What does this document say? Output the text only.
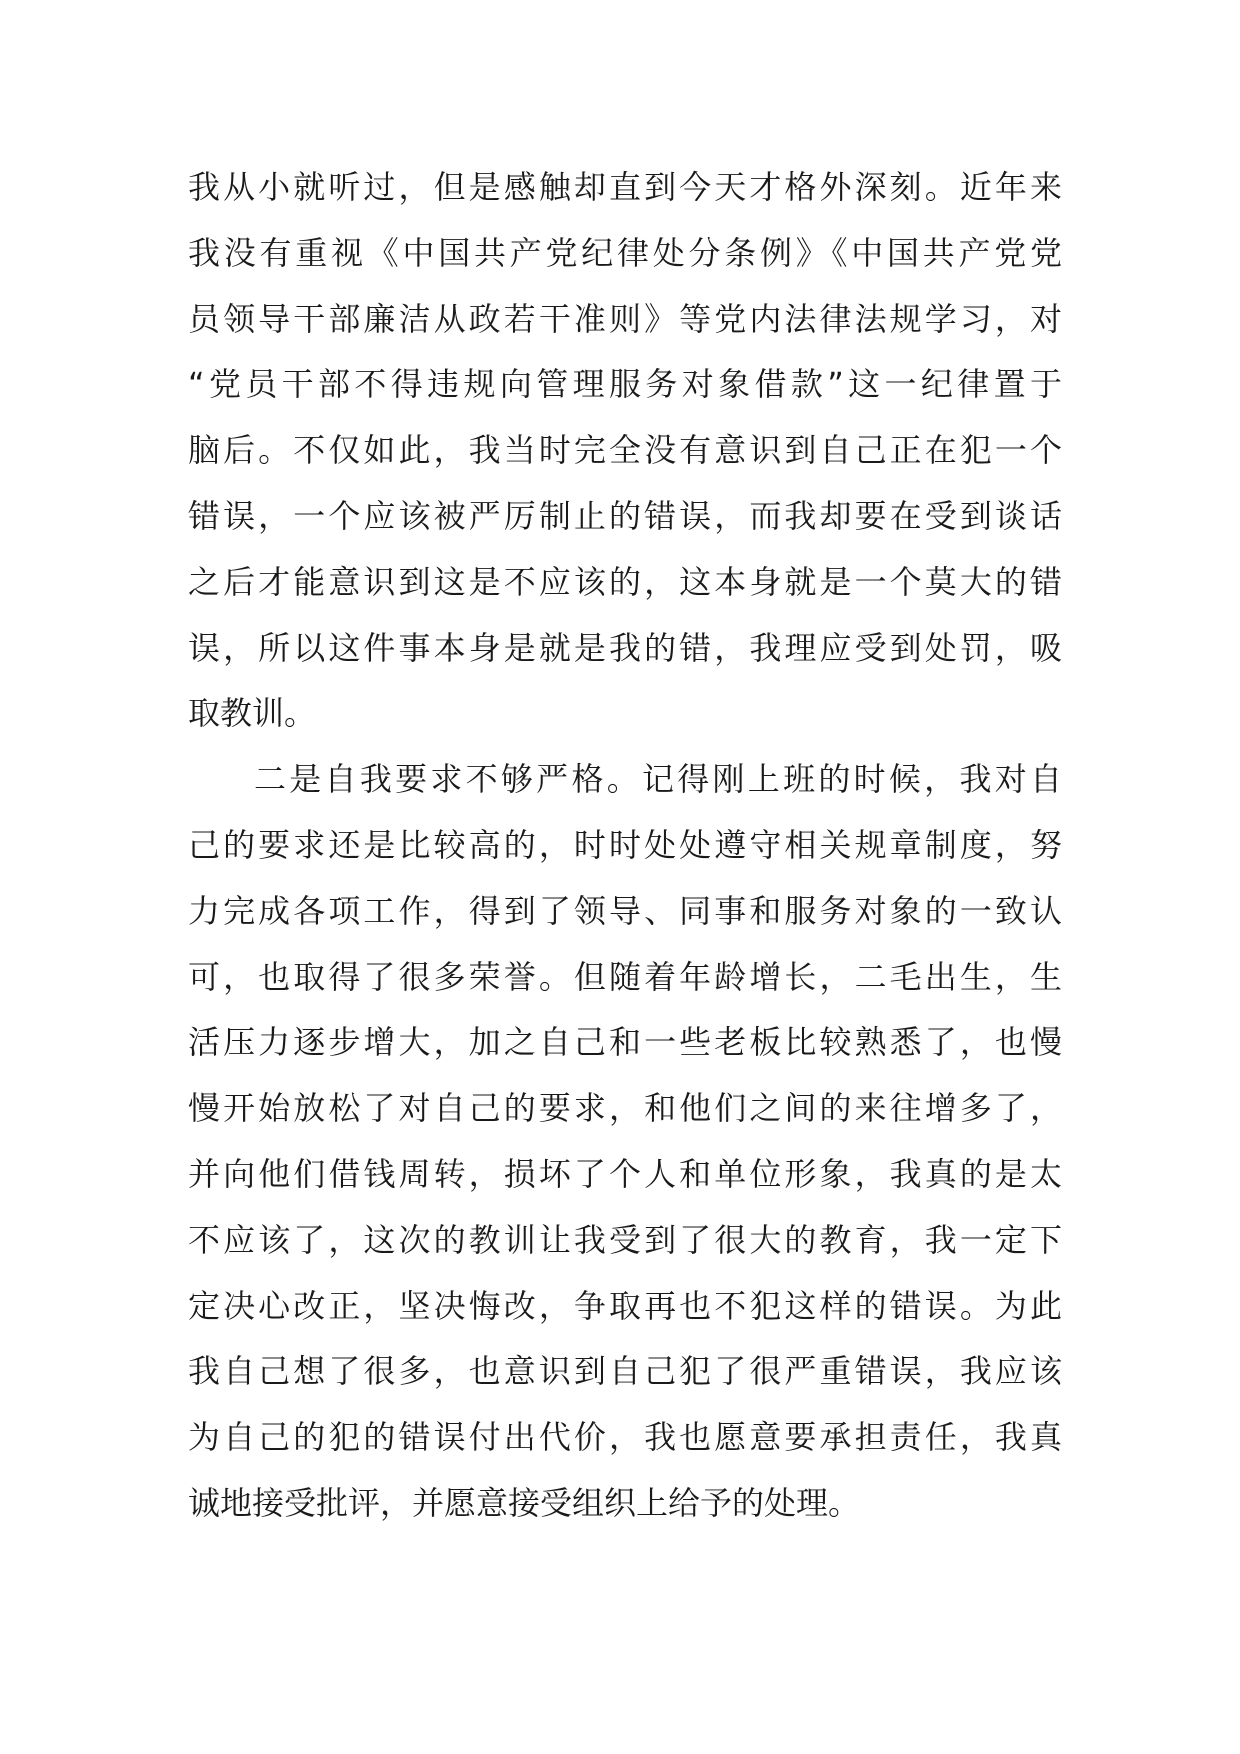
我从小就听过，但是感触却直到今天才格外深刻。近年来
我没有重视《中国共产党纪律处分条例》《中国共产党党
员领导干部廉洁从政若干准则》等党内法律法规学习，对
“党员干部不得违规向管理服务对象借款”这一纪律置于
脑后。不仅如此，我当时完全没有意识到自己正在犯一个
错误，一个应该被严厉制止的错误，而我却要在受到谈话
之后才能意识到这是不应该的，这本身就是一个莫大的错
误，所以这件事本身是就是我的错，我理应受到处罚，吸
取教训。
二是自我要求不够严格。记得刚上班的时候，我对自
己的要求还是比较高的，时时处处遵守相关规章制度，努
力完成各项工作，得到了领导、同事和服务对象的一致认
可，也取得了很多荣誉。但随着年龄增长，二毛出生，生
活压力逐步增大，加之自己和一些老板比较熟悉了，也慢
慢开始放松了对自己的要求，和他们之间的来往增多了，
并向他们借钱周转，损坏了个人和单位形象，我真的是太
不应该了，这次的教训让我受到了很大的教育，我一定下
定决心改正，坚决悔改，争取再也不犯这样的错误。为此
我自己想了很多，也意识到自己犯了很严重错误，我应该
为自己的犯的错误付出代价，我也愿意要承担责任，我真
诚地接受批评，并愿意接受组织上给予的处理。
